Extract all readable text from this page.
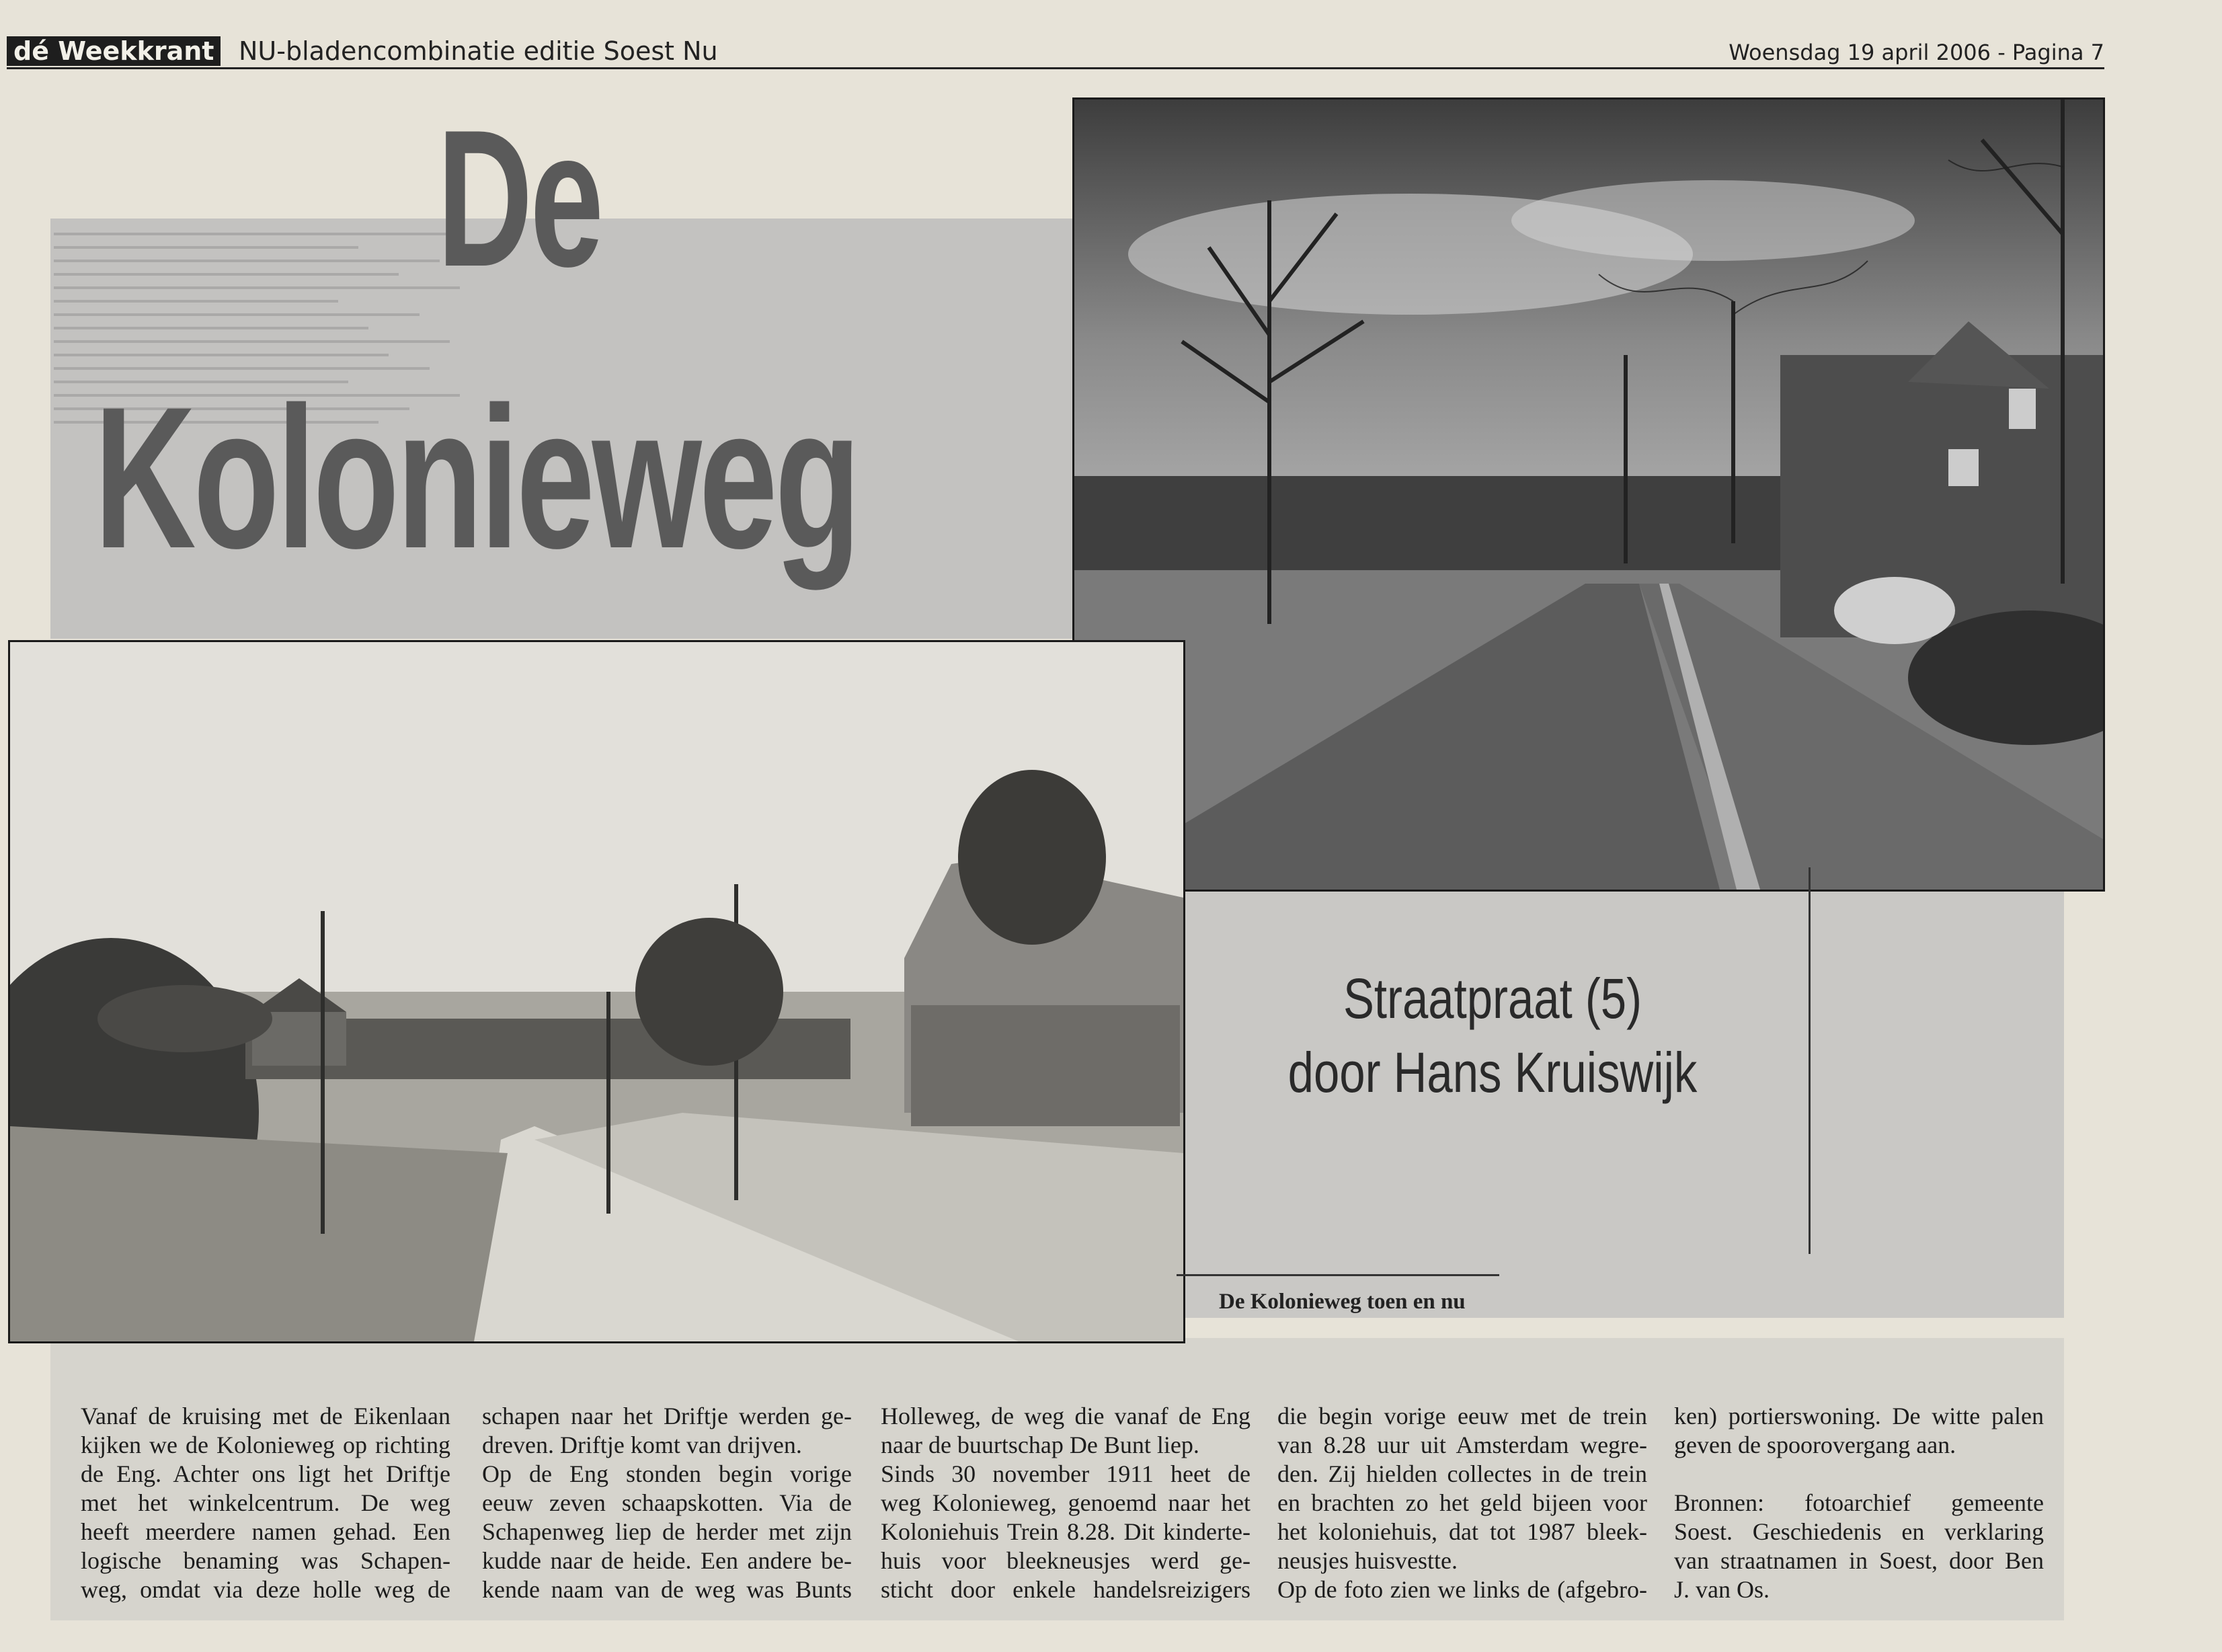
dé Weekkrant NU-bladencombinatie editie Soest Nu	Woensdag 19 april 2006 - Pagina 7
De
Kolonieweg
Straatpraat (5)
door Hans Kruiswijk
De Kolonieweg toen en nu
Vanaf de kruising met de Eikenlaan
kijken we de Kolonieweg op richting
de Eng. Achter ons ligt het Driftje
met het winkelcentrum. De weg
heeft meerdere namen gehad. Een
logische benaming was Schapen-
weg, omdat via deze holle weg de
schapen naar het Driftje werden ge-
dreven. Driftje komt van drijven.
Op de Eng stonden begin vorige
eeuw zeven schaapskotten. Via de
Schapenweg liep de herder met zijn
kudde naar de heide. Een andere be-
kende naam van de weg was Bunts
Holleweg, de weg die vanaf de Eng
naar de buurtschap De Bunt liep.
Sinds 30 november 1911 heet de
weg Kolonieweg, genoemd naar het
Koloniehuis Trein 8.28. Dit kinderte-
huis voor bleekneusjes werd ge-
sticht door enkele handelsreizigers
die begin vorige eeuw met de trein
van 8.28 uur uit Amsterdam wegre-
den. Zij hielden collectes in de trein
en brachten zo het geld bijeen voor
het koloniehuis, dat tot 1987 bleek-
neusjes huisvestte.
Op de foto zien we links de (afgebro-
ken) portierswoning. De witte palen
geven de spoorovergang aan.

Bronnen: fotoarchief gemeente
Soest. Geschiedenis en verklaring
van straatnamen in Soest, door Ben
J. van Os.
